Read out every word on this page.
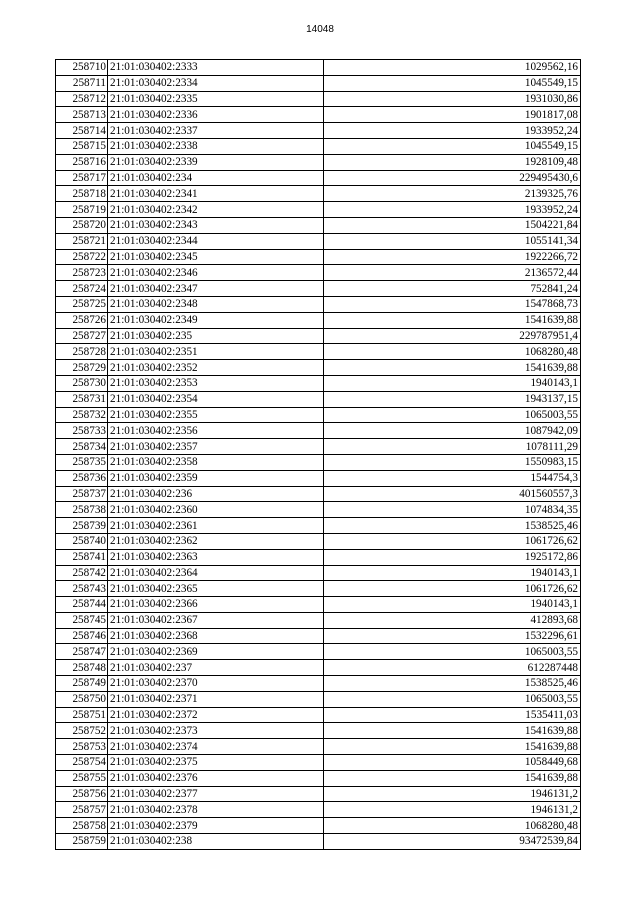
14048
258710	21:01:030402:2333	1029562,16
258711	21:01:030402:2334	1045549,15
258712	21:01:030402:2335	1931030,86
258713	21:01:030402:2336	1901817,08
258714	21:01:030402:2337	1933952,24
258715	21:01:030402:2338	1045549,15
258716	21:01:030402:2339	1928109,48
258717	21:01:030402:234	229495430,6
258718	21:01:030402:2341	2139325,76
258719	21:01:030402:2342	1933952,24
258720	21:01:030402:2343	1504221,84
258721	21:01:030402:2344	1055141,34
258722	21:01:030402:2345	1922266,72
258723	21:01:030402:2346	2136572,44
258724	21:01:030402:2347	752841,24
258725	21:01:030402:2348	1547868,73
258726	21:01:030402:2349	1541639,88
258727	21:01:030402:235	229787951,4
258728	21:01:030402:2351	1068280,48
258729	21:01:030402:2352	1541639,88
258730	21:01:030402:2353	1940143,1
258731	21:01:030402:2354	1943137,15
258732	21:01:030402:2355	1065003,55
258733	21:01:030402:2356	1087942,09
258734	21:01:030402:2357	1078111,29
258735	21:01:030402:2358	1550983,15
258736	21:01:030402:2359	1544754,3
258737	21:01:030402:236	401560557,3
258738	21:01:030402:2360	1074834,35
258739	21:01:030402:2361	1538525,46
258740	21:01:030402:2362	1061726,62
258741	21:01:030402:2363	1925172,86
258742	21:01:030402:2364	1940143,1
258743	21:01:030402:2365	1061726,62
258744	21:01:030402:2366	1940143,1
258745	21:01:030402:2367	412893,68
258746	21:01:030402:2368	1532296,61
258747	21:01:030402:2369	1065003,55
258748	21:01:030402:237	612287448
258749	21:01:030402:2370	1538525,46
258750	21:01:030402:2371	1065003,55
258751	21:01:030402:2372	1535411,03
258752	21:01:030402:2373	1541639,88
258753	21:01:030402:2374	1541639,88
258754	21:01:030402:2375	1058449,68
258755	21:01:030402:2376	1541639,88
258756	21:01:030402:2377	1946131,2
258757	21:01:030402:2378	1946131,2
258758	21:01:030402:2379	1068280,48
258759	21:01:030402:238	93472539,84
